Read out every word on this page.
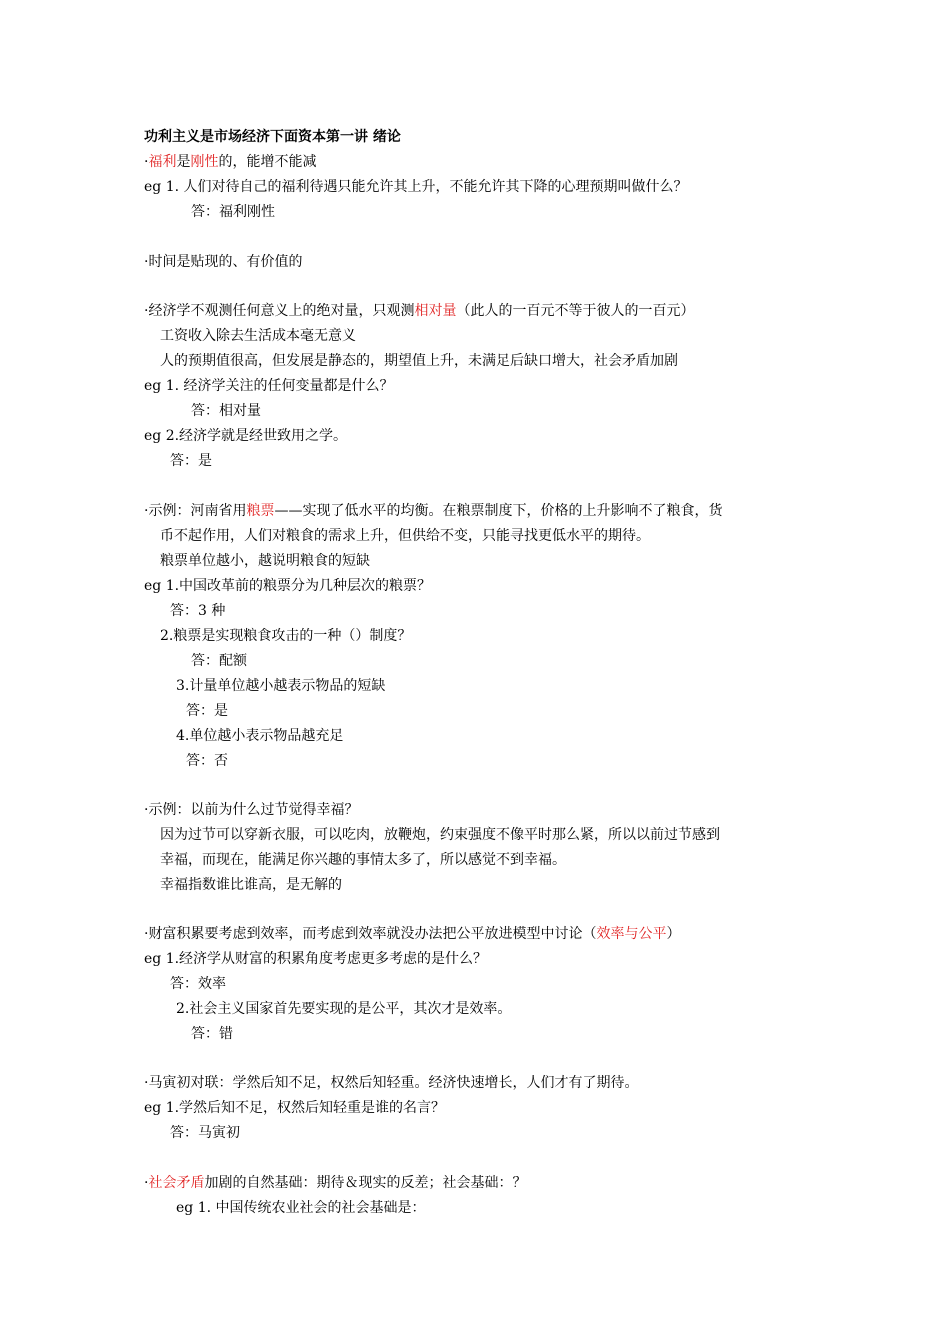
功利主义是市场经济下面资本第一讲 绪论
·福利是刚性的，能增不能减
eg 1. 人们对待自己的福利待遇只能允许其上升，不能允许其下降的心理预期叫做什么？
答：福利刚性
·时间是贴现的、有价值的
·经济学不观测任何意义上的绝对量，只观测相对量（此人的一百元不等于彼人的一百元）
工资收入除去生活成本毫无意义
人的预期值很高，但发展是静态的，期望值上升，未满足后缺口增大，社会矛盾加剧
eg 1. 经济学关注的任何变量都是什么？
答：相对量
eg 2.经济学就是经世致用之学。
答：是
·示例：河南省用粮票——实现了低水平的均衡。在粮票制度下，价格的上升影响不了粮食，货
币不起作用，人们对粮食的需求上升，但供给不变，只能寻找更低水平的期待。
粮票单位越小，越说明粮食的短缺
eg 1.中国改革前的粮票分为几种层次的粮票？
答：3 种
2.粮票是实现粮食攻击的一种（）制度？
答：配额
3.计量单位越小越表示物品的短缺
答：是
4.单位越小表示物品越充足
答：否
·示例：以前为什么过节觉得幸福？
因为过节可以穿新衣服，可以吃肉，放鞭炮，约束强度不像平时那么紧，所以以前过节感到
幸福，而现在，能满足你兴趣的事情太多了，所以感觉不到幸福。
幸福指数谁比谁高，是无解的
·财富积累要考虑到效率，而考虑到效率就没办法把公平放进模型中讨论（效率与公平）
eg 1.经济学从财富的积累角度考虑更多考虑的是什么？
答：效率
2.社会主义国家首先要实现的是公平，其次才是效率。
答：错
·马寅初对联：学然后知不足，权然后知轻重。经济快速增长，人们才有了期待。
eg 1.学然后知不足，权然后知轻重是谁的名言？
答：马寅初
·社会矛盾加剧的自然基础：期待＆现实的反差；社会基础：？
eg 1. 中国传统农业社会的社会基础是：
